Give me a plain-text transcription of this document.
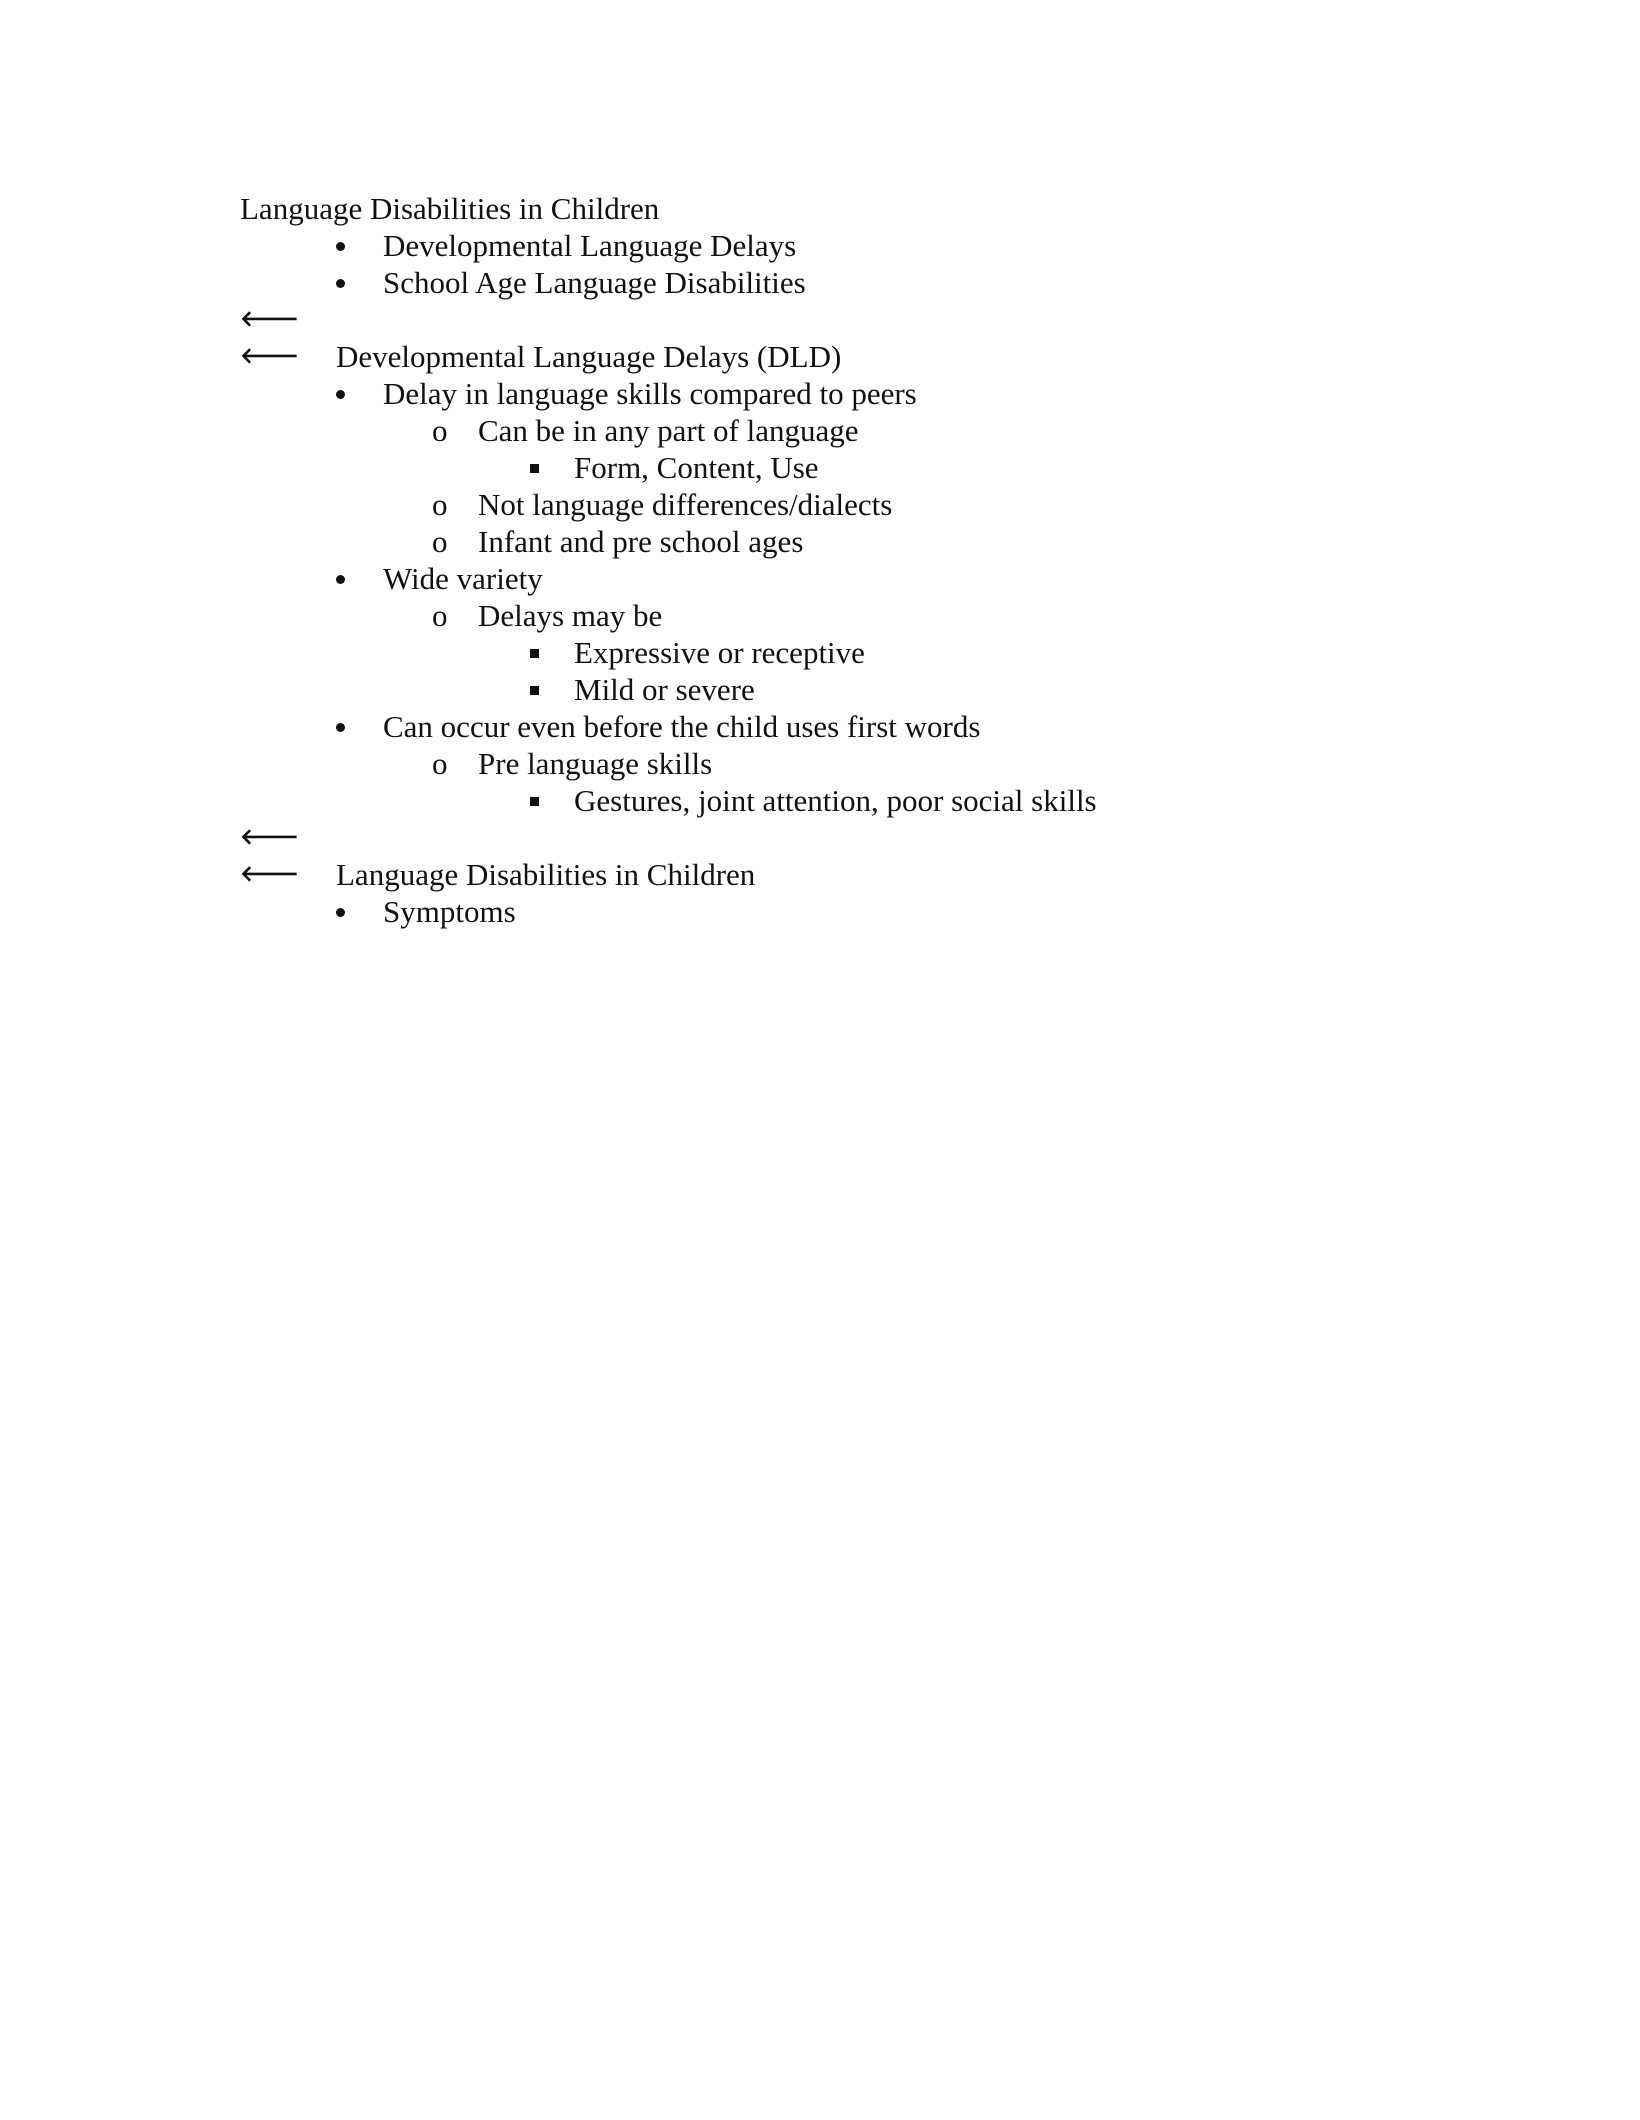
Language Disabilities in Children
Developmental Language Delays
School Age Language Disabilities
🡐
🡐 Developmental Language Delays (DLD)
Delay in language skills compared to peers
o Can be in any part of language
Form, Content, Use
o Not language differences/dialects
o Infant and pre school ages
Wide variety
o Delays may be
Expressive or receptive
Mild or severe
Can occur even before the child uses first words
o Pre language skills
Gestures, joint attention, poor social skills
🡐
🡐 Language Disabilities in Children
Symptoms
